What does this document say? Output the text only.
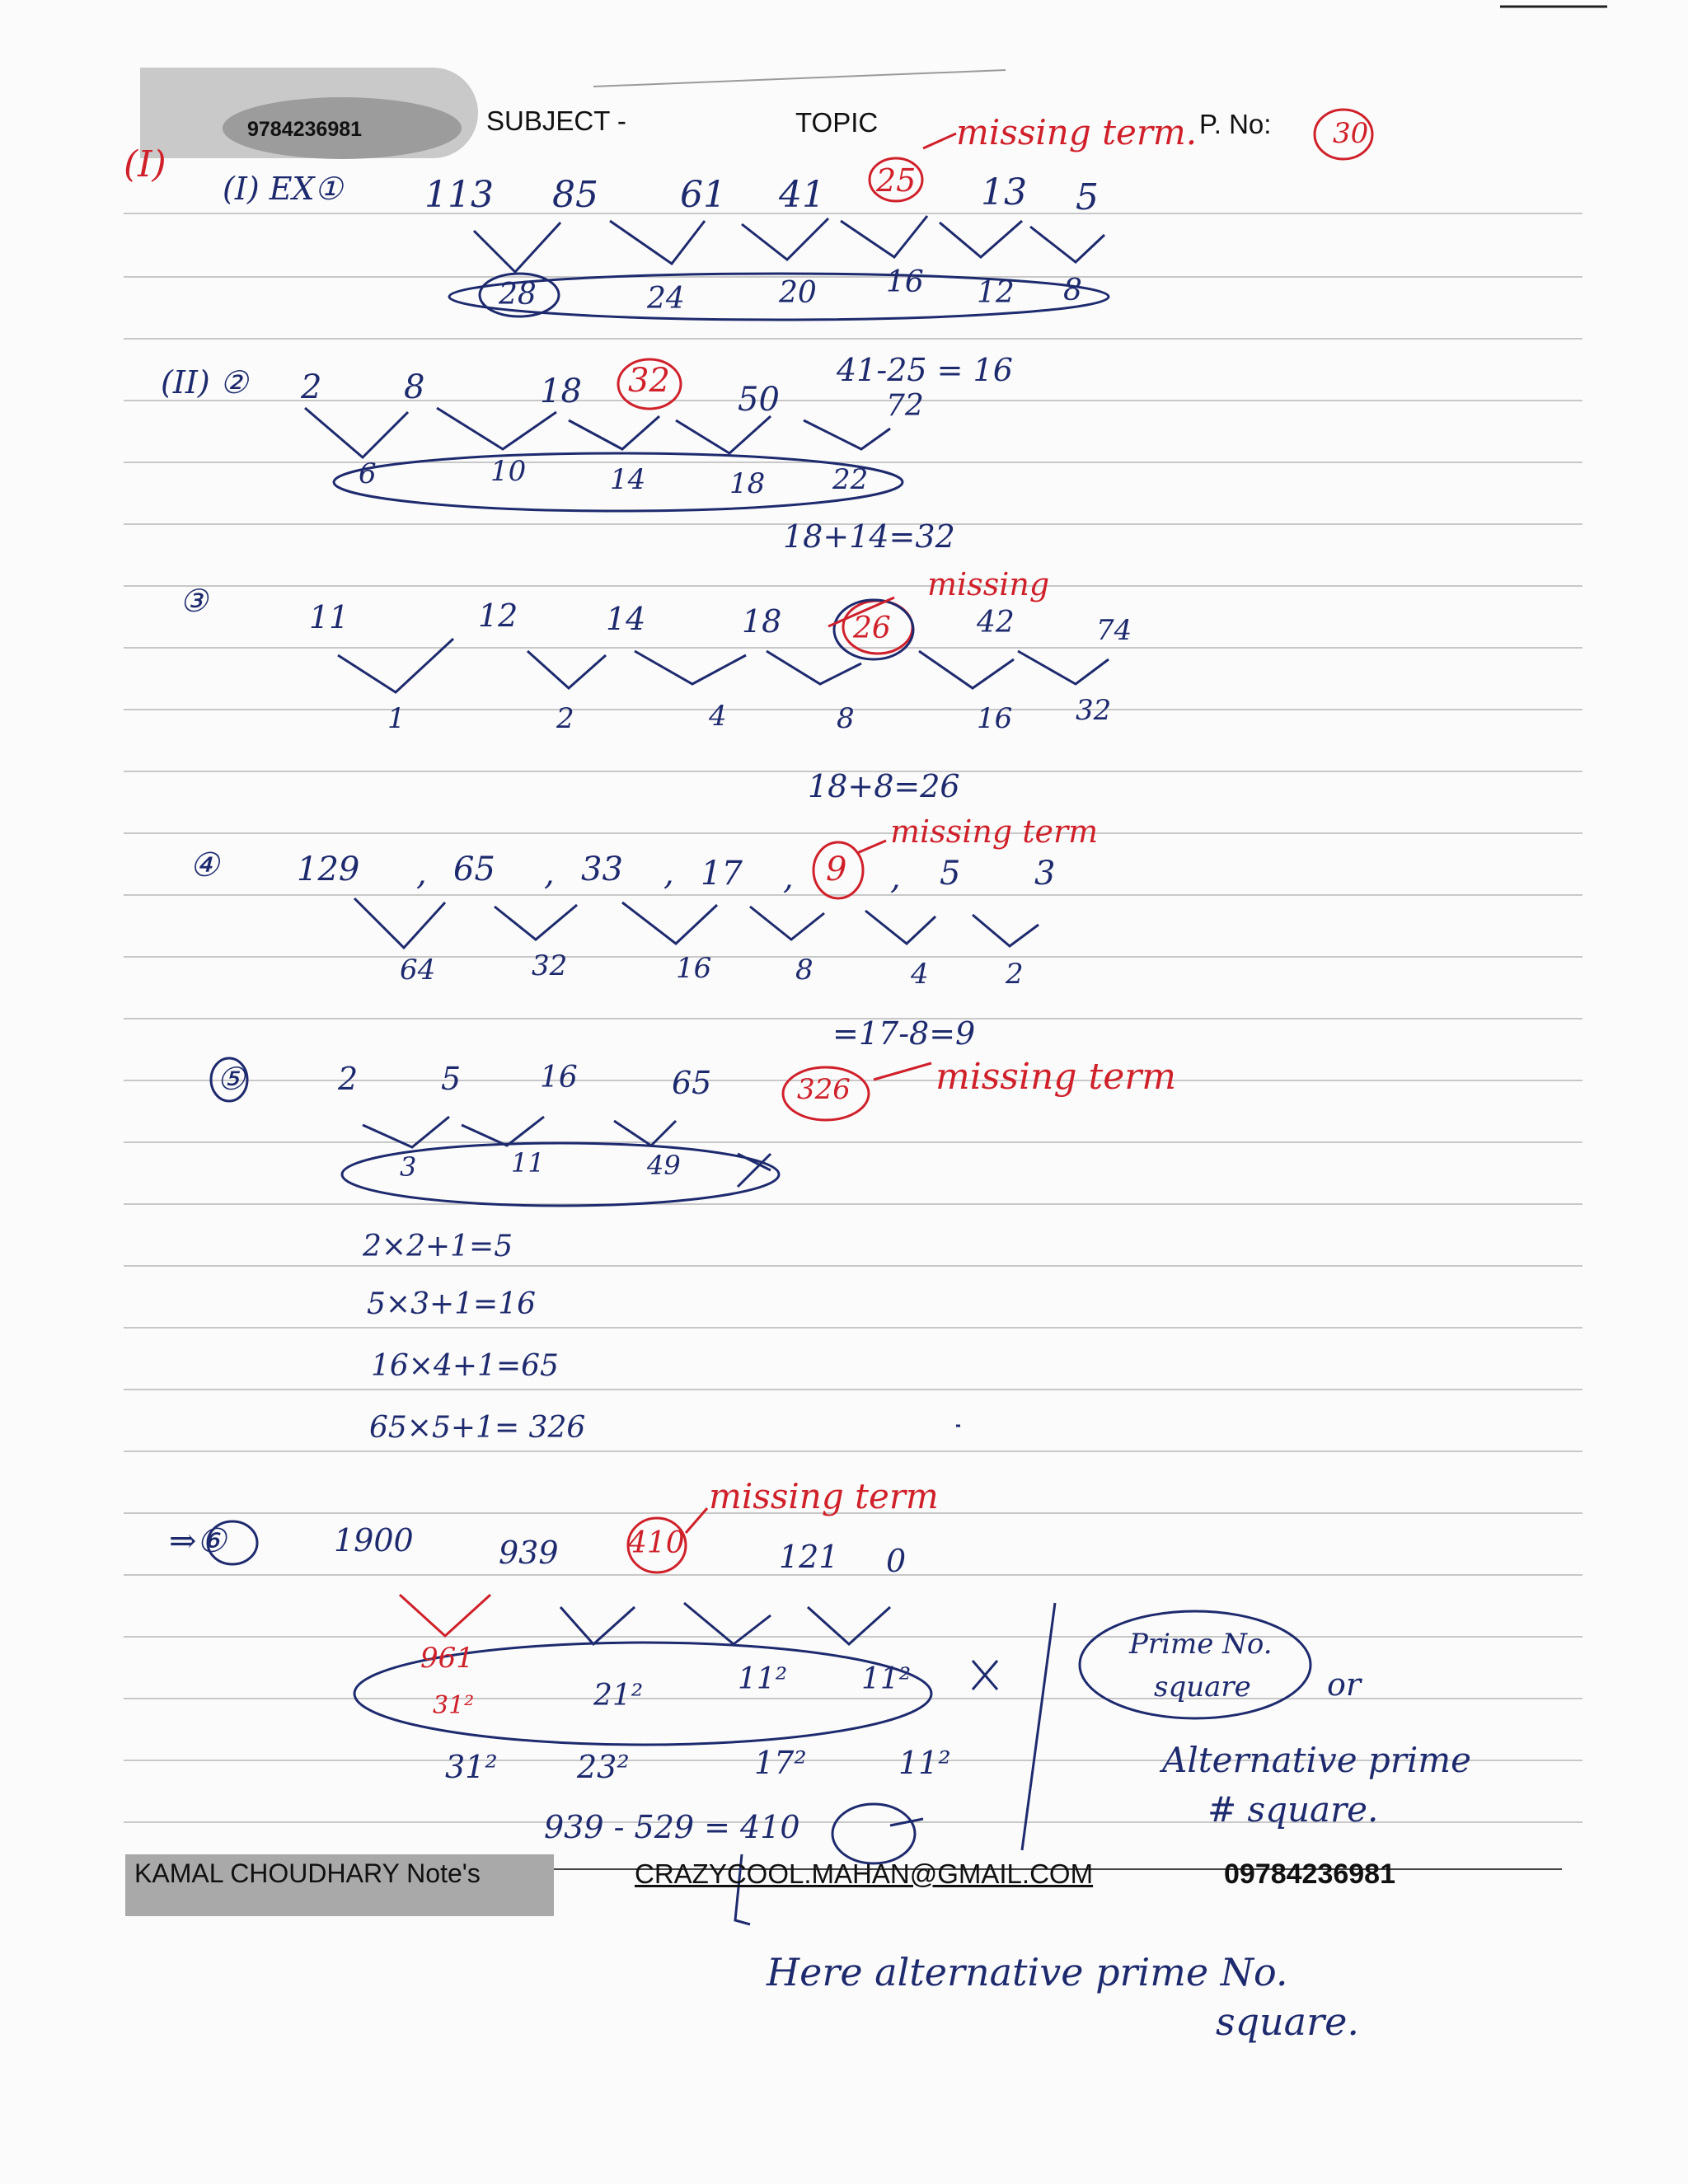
9784236981	SUBJECT -	TOPIC	P. No: 30
(I)
(I) EX① 113 85 61 41 25 13 5
missing term.
28	24	20 16 12 8
41-25 = 16
(II) ② 2 8	18 32 50	72
6	10	14	18 22
18+14=32
③	11	12	14	18 26	42	74
missing
1	2	4	8	16 32
18+8=26
④ 129 , 65 , 33 , 17 , 9 , 5 3
missing term
64	32	16	8	4	2
=17-8=9
⑤	2	5	16	65	326 missing term
3	11	49
2×2+1=5
5×3+1=16
16×4+1=65
65×5+1= 326
⇒⑥	1900	939 410	121 0
missing term
961
31²	21²	11² 11²
31²	23²	17²	11²
939 - 529 = 410
Prime No.
square or
Alternative prime
# square.
KAMAL CHOUDHARY Note's	CRAZYCOOL.MAHAN@GMAIL.COM	09784236981
Here alternative prime No.
square.
